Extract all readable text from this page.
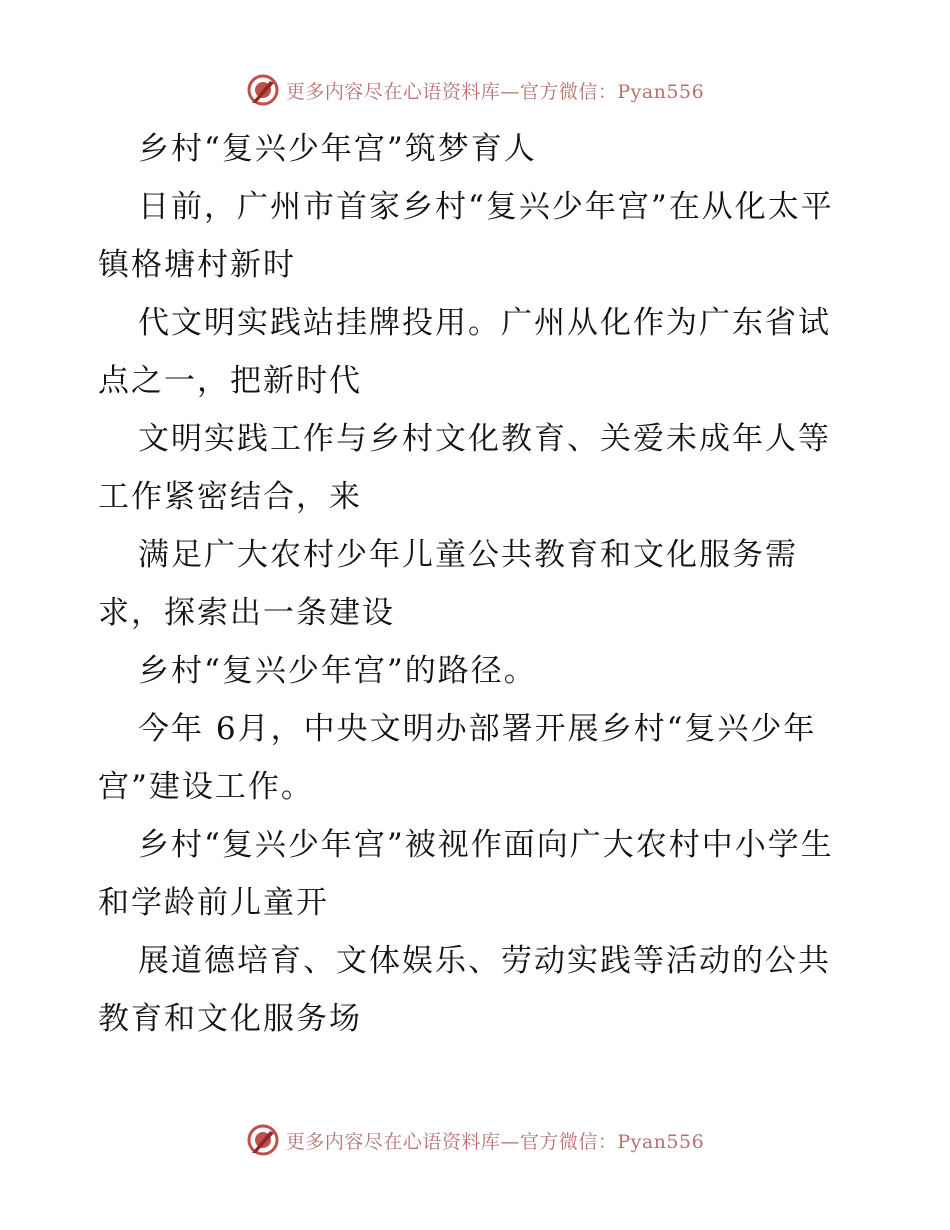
更多内容尽在心语资料库—官方微信：Pyan556

乡村“复兴少年宫”筑梦育人

日前，广州市首家乡村“复兴少年宫”在从化太平镇格塘村新时

代文明实践站挂牌投用。广州从化作为广东省试点之一，把新时代

文明实践工作与乡村文化教育、关爱未成年人等工作紧密结合，来

满足广大农村少年儿童公共教育和文化服务需求，探索出一条建设

乡村“复兴少年宫”的路径。

今年 6月，中央文明办部署开展乡村“复兴少年宫”建设工作。

乡村“复兴少年宫”被视作面向广大农村中小学生和学龄前儿童开

展道德培育、文体娱乐、劳动实践等活动的公共教育和文化服务场

更多内容尽在心语资料库—官方微信：Pyan556
